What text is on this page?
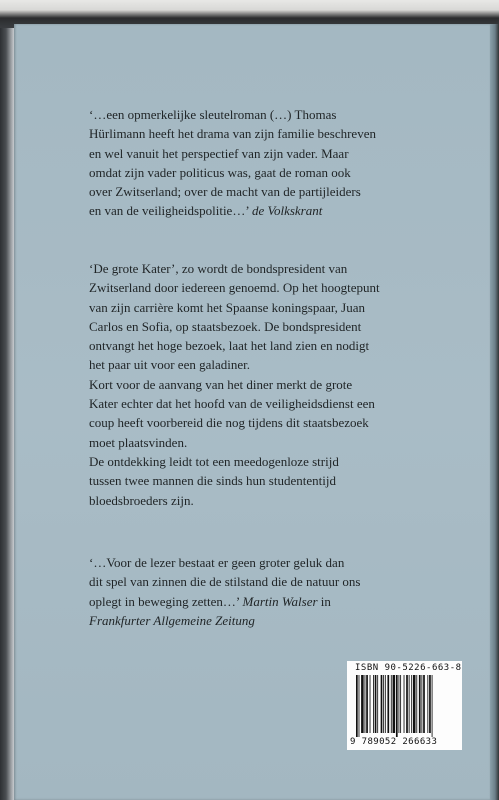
‘…een opmerkelijke sleutelroman (…) Thomas
Hürlimann heeft het drama van zijn familie beschreven
en wel vanuit het perspectief van zijn vader. Maar
omdat zijn vader politicus was, gaat de roman ook
over Zwitserland; over de macht van de partijleiders
en van de veiligheidspolitie…’ de Volkskrant

‘De grote Kater’, zo wordt de bondspresident van
Zwitserland door iedereen genoemd. Op het hoogtepunt
van zijn carrière komt het Spaanse koningspaar, Juan
Carlos en Sofia, op staatsbezoek. De bondspresident
ontvangt het hoge bezoek, laat het land zien en nodigt
het paar uit voor een galadiner.
Kort voor de aanvang van het diner merkt de grote
Kater echter dat het hoofd van de veiligheidsdienst een
coup heeft voorbereid die nog tijdens dit staatsbezoek
moet plaatsvinden.
De ontdekking leidt tot een meedogenloze strijd
tussen twee mannen die sinds hun studententijd
bloedsbroeders zijn.

‘…Voor de lezer bestaat er geen groter geluk dan
dit spel van zinnen die de stilstand die de natuur ons
oplegt in beweging zetten…’ Martin Walser in
Frankfurter Allgemeine Zeitung

ISBN 90-5226-663-8
9 789052 266633
